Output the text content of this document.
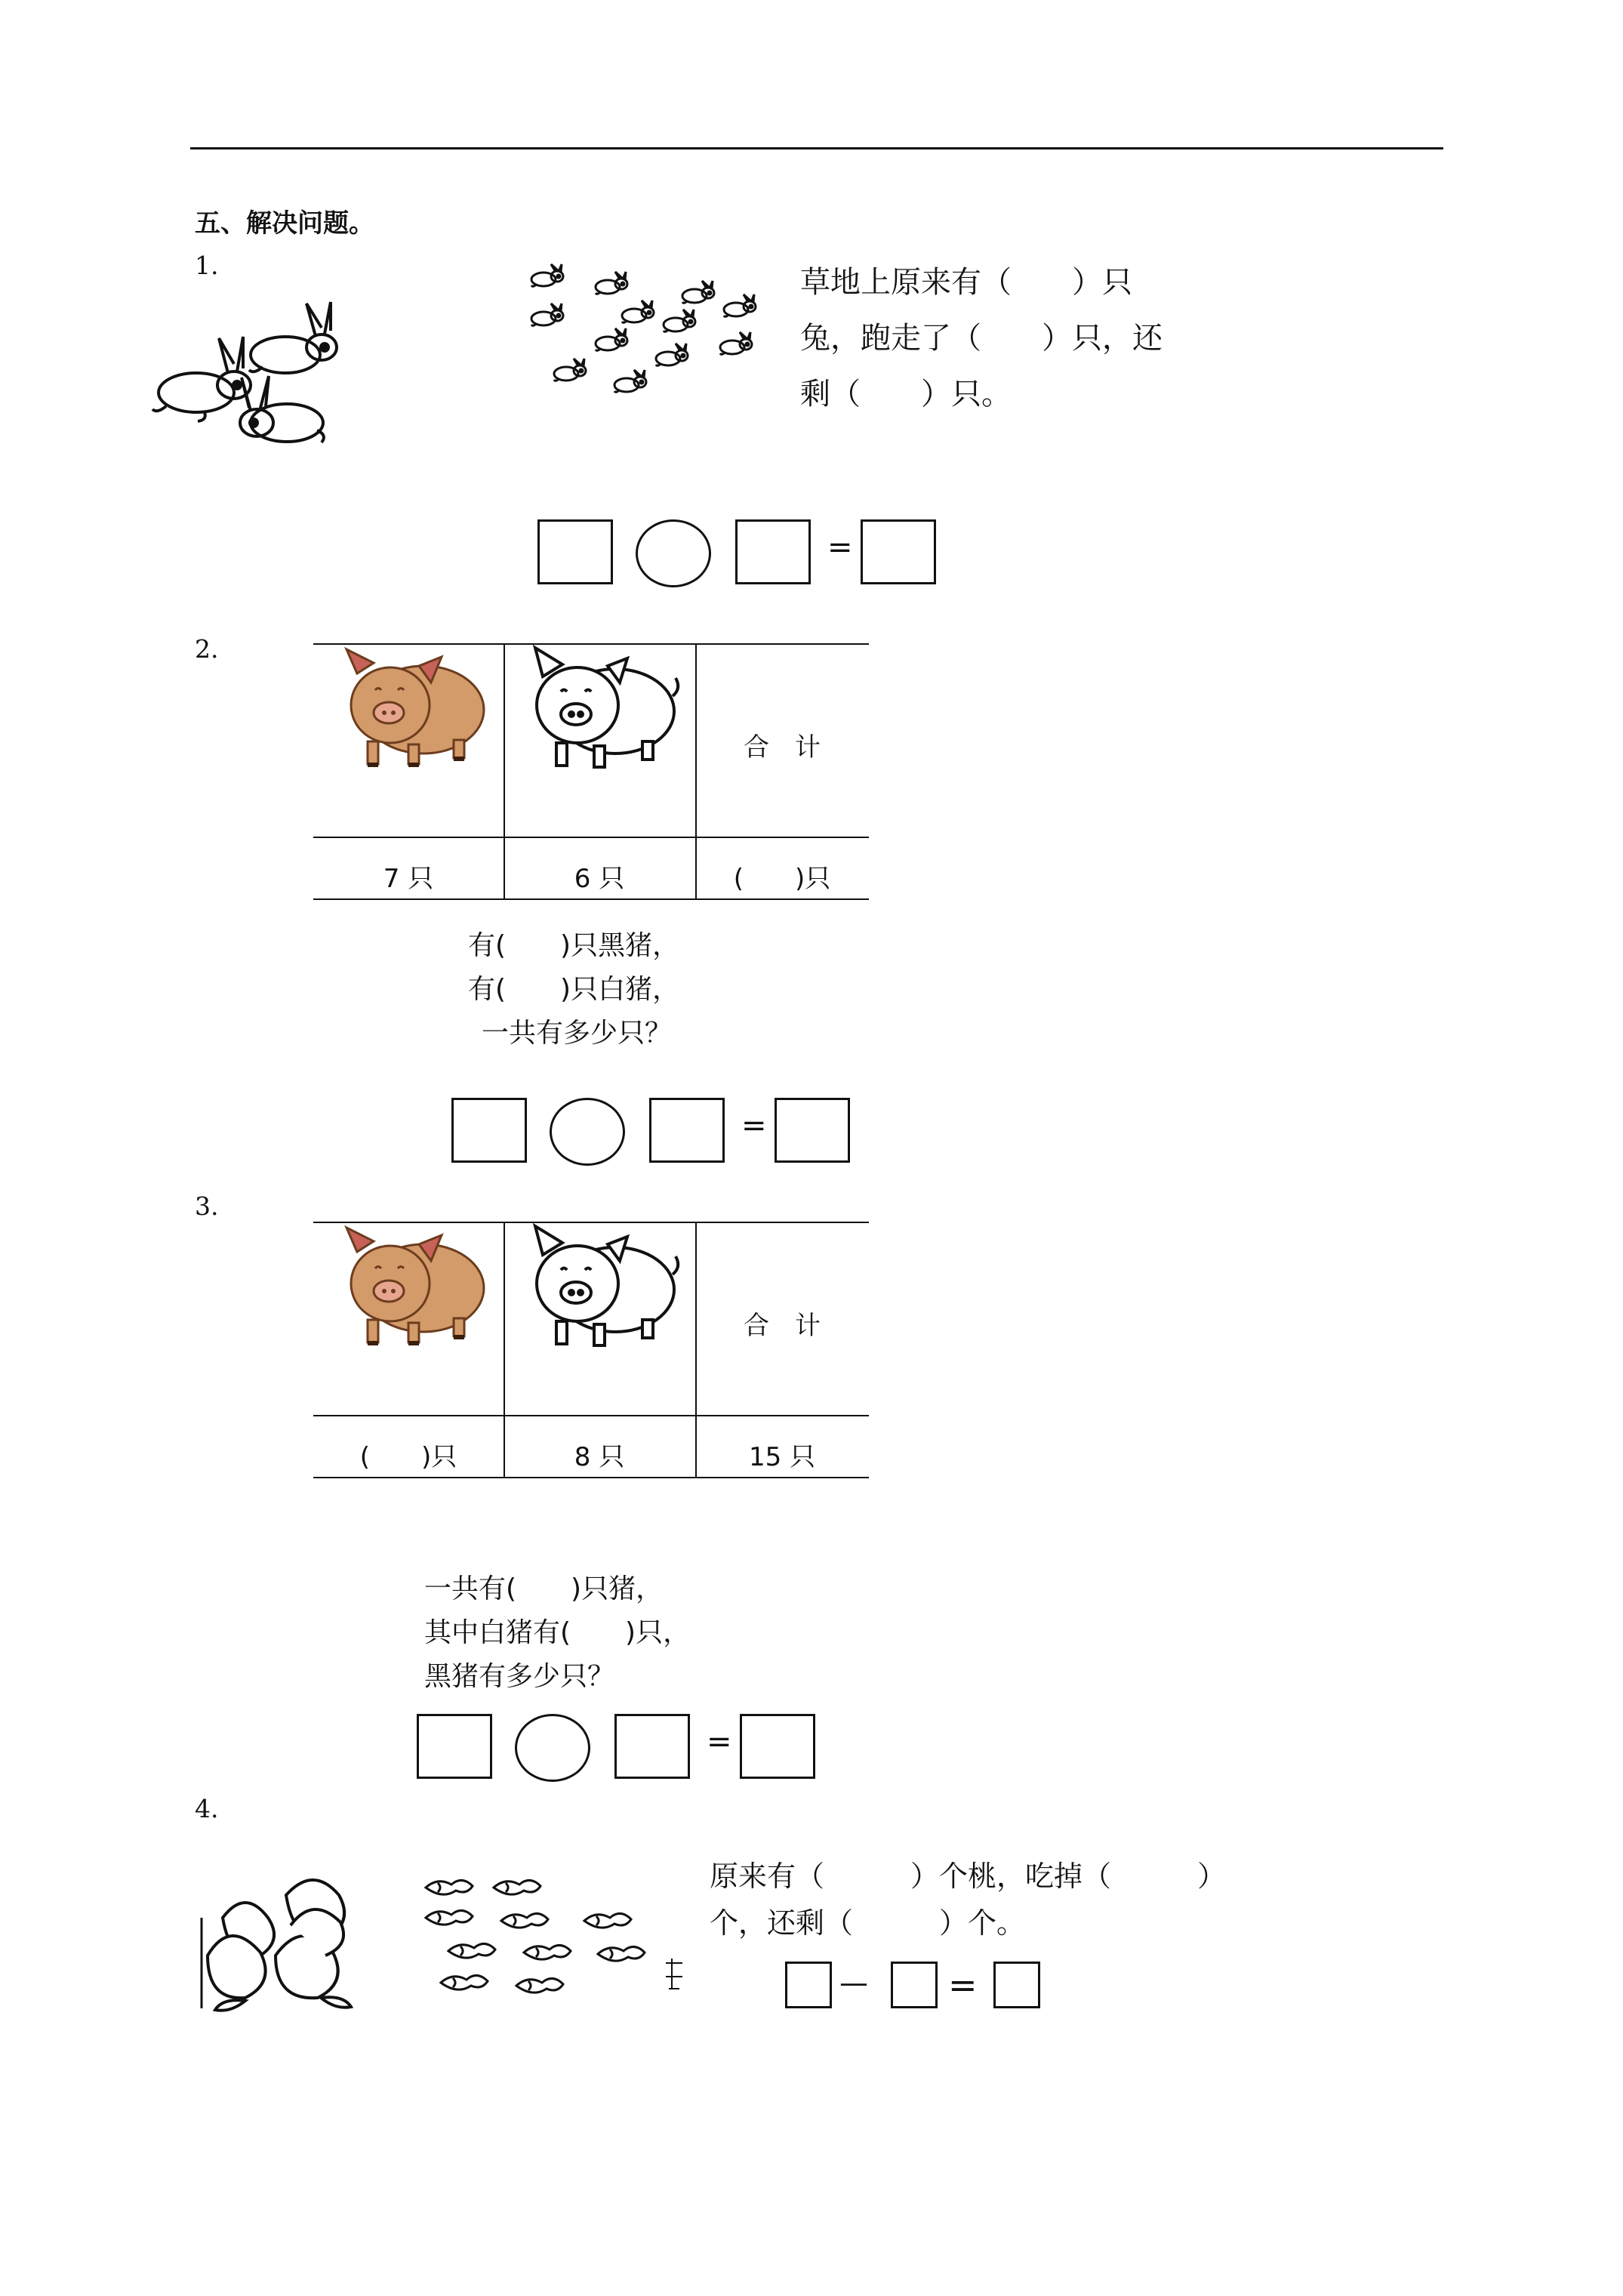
五、解决问题。
1.	草地上原来有（　　）只
兔，跑走了（　　）只，还
剩（　　）只。
=
2.
合　计
7 只	6 只	(　　)只
有(　　)只黑猪，
有(　　)只白猪，
一共有多少只？
=
3.
合　计
(　　)只	8 只	15 只
一共有(　　)只猪，
其中白猪有(　　)只，
黑猪有多少只？
=
4.
原来有（　　　）个桃，吃掉（　　　）
个，还剩（　　　）个。
— =
